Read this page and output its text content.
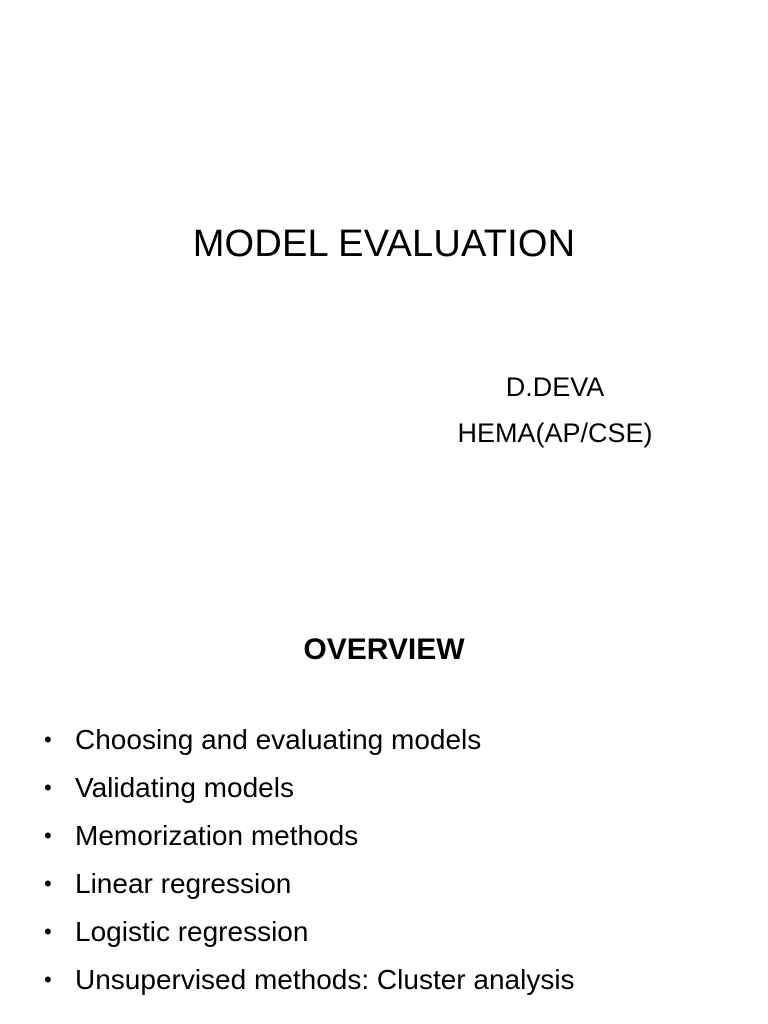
MODEL EVALUATION
D.DEVA
HEMA(AP/CSE)
OVERVIEW
• Choosing and evaluating models
• Validating models
• Memorization methods
• Linear regression
• Logistic regression
• Unsupervised methods: Cluster analysis
